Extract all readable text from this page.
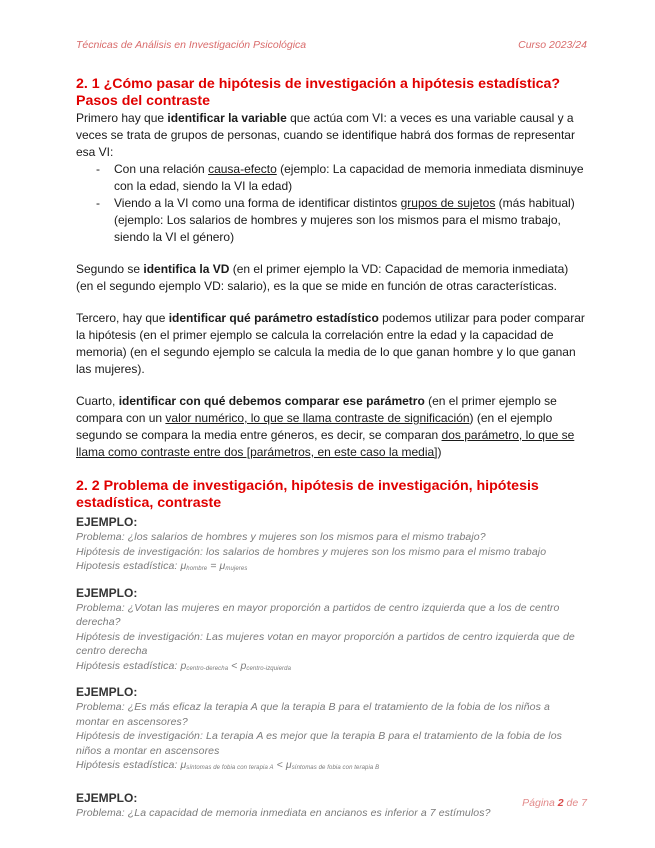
Técnicas de Análisis en Investigación Psicológica	Curso 2023/24
2. 1 ¿Cómo pasar de hipótesis de investigación a hipótesis estadística? Pasos del contraste

Primero hay que identificar la variable que actúa com VI: a veces es una variable causal y a veces se trata de grupos de personas, cuando se identifique habrá dos formas de representar esa VI:

- Con una relación causa-efecto (ejemplo: La capacidad de memoria inmediata disminuye con la edad, siendo la VI la edad)
- Viendo a la VI como una forma de identificar distintos grupos de sujetos (más habitual) (ejemplo: Los salarios de hombres y mujeres son los mismos para el mismo trabajo, siendo la VI el género)

Segundo se identifica la VD (en el primer ejemplo la VD: Capacidad de memoria inmediata) (en el segundo ejemplo VD: salario), es la que se mide en función de otras características.

Tercero, hay que identificar qué parámetro estadístico podemos utilizar para poder comparar la hipótesis (en el primer ejemplo se calcula la correlación entre la edad y la capacidad de memoria) (en el segundo ejemplo se calcula la media de lo que ganan hombre y lo que ganan las mujeres).

Cuarto, identificar con qué debemos comparar ese parámetro (en el primer ejemplo se compara con un valor numérico, lo que se llama contraste de significación) (en el ejemplo segundo se compara la media entre géneros, es decir, se comparan dos parámetro, lo que se llama como contraste entre dos [parámetros, en este caso la media])

2. 2 Problema de investigación, hipótesis de investigación, hipótesis estadística, contraste
EJEMPLO:
Problema: ¿los salarios de hombres y mujeres son los mismos para el mismo trabajo?
Hipótesis de investigación: los salarios de hombres y mujeres son los mismo para el mismo trabajo
Hipotesis estadística: μhombre = μmujeres
EJEMPLO:
Problema: ¿Votan las mujeres en mayor proporción a partidos de centro izquierda que a los de centro derecha?
Hipótesis de investigación: Las mujeres votan en mayor proporción a partidos de centro izquierda que de centro derecha
Hipótesis estadística: pcentro-derecha < pcentro-izquierda
EJEMPLO:
Problema: ¿Es más eficaz la terapia A que la terapia B para el tratamiento de la fobia de los niños a montar en ascensores?
Hipótesis de investigación: La terapia A es mejor que la terapia B para el tratamiento de la fobia de los niños a montar en ascensores
Hipótesis estadística: μsíntomas de fobia con terapia A < μsíntomas de fobia con terapia B
EJEMPLO:
Problema: ¿La capacidad de memoria inmediata en ancianos es inferior a 7 estímulos?
Página 2 de 7
